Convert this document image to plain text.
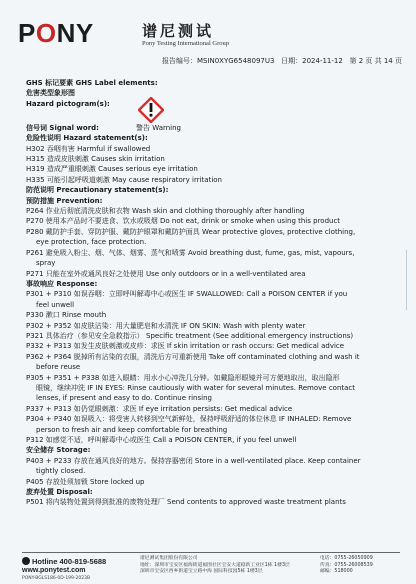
PONY	谱尼测试
Pony Testing International Group
报告编号：MSIN0XYG6548097U3 日期：2024-11-12 第 2 页 共 14 页
GHS 标记要素 GHS Label elements:
危害类型象形图
Hazard pictogram(s):
信号词 Signal word:	警告 Warning
危险性说明 Hazard statement(s):
H302 吞咽有害 Harmful if swallowed
H315 造成皮肤刺激 Causes skin irritation
H319 造成严重眼刺激 Causes serious eye irritation
H335 可能引起呼吸道刺激 May cause respiratory irritation
防范说明 Precautionary statement(s):
预防措施 Prevention:
P264 作业后彻底清洗皮肤和衣物 Wash skin and clothing thoroughly after handling
P270 使用本产品时不要进食、饮水或吸烟 Do not eat, drink or smoke when using this product
P280 戴防护手套、穿防护服、戴防护眼罩和戴防护面具 Wear protective gloves, protective clothing,
eye protection, face protection.
P261 避免吸入粉尘、烟、气体、烟雾、蒸气和喷雾 Avoid breathing dust, fume, gas, mist, vapours,
spray
P271 只能在室外或通风良好之处使用 Use only outdoors or in a well-ventilated area
事故响应 Response:
P301 + P310 如误吞咽：立即呼叫解毒中心或医生 IF SWALLOWED: Call a POISON CENTER if you
feel unwell
P330 漱口 Rinse mouth
P302 + P352 如皮肤沾染：用大量肥皂和水清洗 IF ON SKIN: Wash with plenty water
P321 具体治疗（参见安全急救指示） Specific treatment (See additional emergency instructions)
P332 + P313 如发生皮肤刺激或皮疹：求医 If skin irritation or rash occurs: Get medical advice
P362 + P364 脱掉所有沾染的衣服，清洗后方可重新使用 Take off contaminated clothing and wash it
before reuse
P305 + P351 + P338 如进入眼睛：用水小心冲洗几分钟。如戴隐形眼镜并可方便地取出，取出隐形
眼镜，继续冲洗 IF IN EYES: Rinse cautiously with water for several minutes. Remove contact
lenses, if present and easy to do. Continue rinsing
P337 + P313 如仍觉眼刺激：求医 If eye irritation persists: Get medical advice
P304 + P340 如误吸入：将受害人转移到空气新鲜处，保持呼吸舒适的体位休息 IF INHALED: Remove
person to fresh air and keep comfortable for breathing
P312 如感觉不适，呼叫解毒中心或医生 Call a POISON CENTER, if you feel unwell
安全储存 Storage:
P403 + P233 存放在通风良好的地方。保持容器密闭 Store in a well-ventilated place. Keep container
tightly closed.
P405 存放处须加锁 Store locked up
废弃处置 Disposal:
P501 将内装物处置到得到批准的废物处理厂 Send contents to approved waste treatment plants
Hotline 400-819-5688
www.ponytest.com
PONY-BGLS186-0D-199-2023B
谱尼测试集团股份有限公司
地址：深圳市宝安区福海街道福围社区宝安大道稳新工业区1栋 1楼3层
深圳市宝安区西乡街道宝立路中海 国际科技园5栋 1楼3层
电话：0755-26050909
传真：0755-26008539
邮编：518000
